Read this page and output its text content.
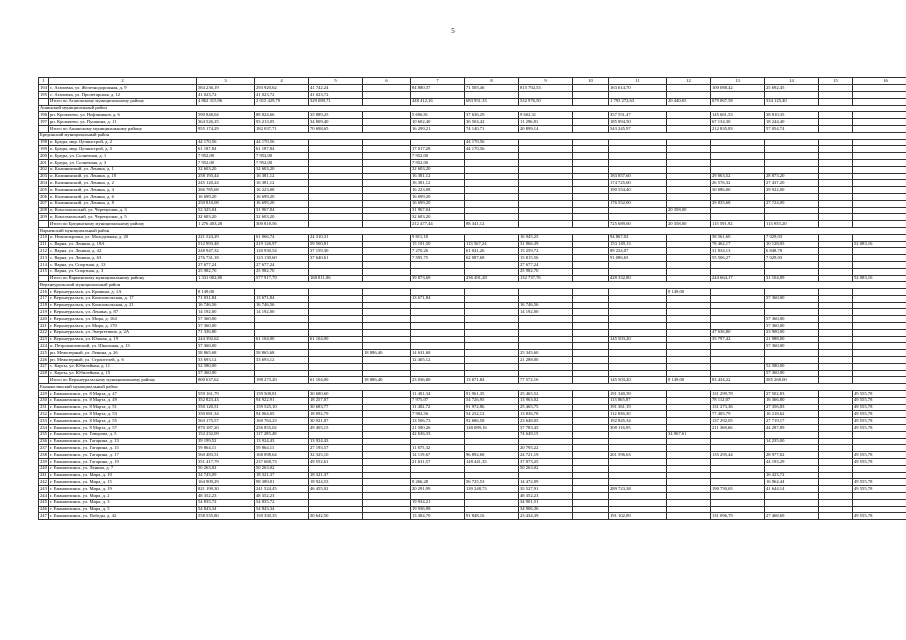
5
1	2	3	4	5	6	7	8	9	10	11	12	13	14	15	16
194	с. Агаповка, ул. Железнодорожная, д. 9	584 236,19	293 920,62	41 742,24		84 880,37	71 505,46	815 792,53		163 614,70		100 088,42	25 692,45		
195	с. Агаповка, ул. Пролетарская, д. 12	41 023,72	41 023,72	41 023,72											
	Итого по Агаповскому муниципальному району	4 862 315,96	2 015 429,70	329 089,71		448 412,16	683 951,33	532 976,50		1 793 272,63	20 440,65	679 067,58	334 125,40		
Ашинский муниципальный район															
196	рп. Кропачево, ул. Нефтяников, д. 6	590 848,04	88 824,66	35 889,25		5 696,81	37 636,29	9 602,31		357 551,47		145 661,53	38 810,35		
197	рп. Кропачево, ул. Пушкина, д. 11	364 526,25	93 213,05	34 809,40		10 602,40	36 504,42	11 296,81		185 894,50		67 134,30	18 244,40		
	Итого по Ашинскому муниципальному району	955 174,29	182 037,71	70 698,65		16 299,21	74 140,71	20 899,14		543 245,97		212 835,83	57 054,74		
Брединский муниципальный район															
198	п. Бреды, мкр. Целинстрой, д. 2	44 170,56	44 170,56				44 170,56								
199	п. Бреды, мкр. Целинстрой, д. 5	61 187,84	61 187,84			17 017,28	44 170,56								
200	п. Бреды, ул. Солнечная, д. 1	7 952,00	7 952,00			7 952,00									
201	п. Бреды, ул. Солнечная, д. 3	7 952,00	7 952,00			7 952,00									
202	п. Калининский, ул. Ленина, д. 1	32 603,20	32 603,20			32 603,20									
203	п. Калининский, ул. Ленина, д. 10	258 193,44	16 381,12			16 381,12				183 857,60		29 063,52	28 873,20		
204	п. Калининский, ул. Ленина, д. 2	245 120,24	16 381,12			16 381,12				174 725,60		26 576,32	27 437,20		
205	п. Калининский, ул. Ленина, д. 4	266 785,68	16 223,08			16 223,08				190 554,40		30 086,00	29 922,00		
206	п. Калининский, ул. Ленина, д. 6	16 699,20	16 699,20			16 699,20									
207	п. Калининский, ул. Ленина, д. 8	250 810,08	16 699,20			16 699,20				176 552,00		29 835,68	27 724,00		
208	п. Комсомольский, ул. Черемушки, д. 3	52 325,04	31 967,04			31 967,04					20 358,00				
209	п. Комсомольский, ул. Черемушки, д. 5	32 603,20	32 603,20			32 603,20									
	Итого по Брединскому муниципальному району	1 276 403,28	300 818,56			212 477,44	88 341,12			725 689,60	20 358,00	115 591,92	113 955,20		
Варненский муниципальный район															
210	п. Новопокровка, ул. Молодежная, д. 20	221 524,29	61 066,74	24 310,31		9 811,18		16 945,25		94 867,02		58 561,60	7 029,03		
211	с. Варна, ул. Ленина, д. 18А	512 993,48	219 126,97	59 500,81		15 191,50	113 567,24	31 066,39		153 149,13		78 462,17	10 128,05		52 083,16
212	с. Варна, ул. Ленина, д. 42	248 947,32	120 930,54	37 159,30		7 270,26	61 041,26	15 259,72		89 234,07		31 834,13	6 848,78		
213	с. Варна, ул. Ленина, д. 63	276 731,18	123 139,60	37 640,61		7 595,75	62 087,68	15 815,56		91 086,65		55 506,27	7 029,03		
214	с. Варна, ул. Спортная, д. 13	27 677,24	27 677,24					27 677,24							
215	с. Варна, ул. Спортная, д. 3	25 982,70	25 982,70					25 982,70							
	Итого по Варненскому муниципальному району	1 331 002,80	577 917,79	168 811,06		39 873,69	236 491,28	132 737,76		428 332,80		244 664,17	31 104,89		52 083,16
Верхнеуральский муниципальный район															
216	г. Верхнеуральск, ул. Кривина, д. 1А	8 149,00									8 149,00				
217	г. Верхнеуральск, ул. Комсомольская, д. 17	71 031,84	13 671,84			13 671,84							57 360,00		
218	г. Верхнеуральск, ул. Комсомольская, д. 21	16 746,56	16 746,56					16 746,56							
219	г. Верхнеуральск, ул. Ленина, д. 87	14 192,00	14 192,00					14 192,00							
220	г. Верхнеуральск, ул. Мира, д. 164	57 360,00											57 360,00		
221	г. Верхнеуральск, ул. Мира, д. 170	57 360,00											57 360,00		
222	г. Верхнеуральск, ул. Энергетиков, д. 2А	71 336,80										47 636,80	23 900,00		
223	г. Верхнеуральск, ул. Южная, д. 19	244 392,62	61 104,00	61 104,00						145 503,20		35 797,42	21 988,00		
224	п. Петропавловский, ул. Школьная, д. 13	57 360,00											57 360,00		
225	рп. Межозерный, ул. Ленина, д. 26	58 865,68	58 865,68		18 886,40	14 631,68		25 345,60							
226	рп. Межозерный, ул. Строителей, д. 6	33 693,12	33 693,12			12 405,12		21 288,00							
227	с. Карсы, ул. Юбилейная, д. 11	52 580,00											52 580,00		
228	с. Карсы, ул. Юбилейная, д. 15	57 360,00											57 360,00		
	Итого по Верхнеуральскому муниципальному району	800 637,62	198 273,20	61 104,00	18 886,40	23 036,80	13 671,84	77 572,16		145 503,20	8 149,00	83 434,22	385 268,00		
Еманжелинский муниципальный район															
229	г. Еманжелинск, ул. 8 Марта, д. 47	559 161,79	159 508,81	30 680,60		11 401,34	91 961,35	25 465,52		191 340,39		131 299,78	27 502,83		49 555,78
230	г. Еманжелинск, ул. 8 Марта, д. 49	352 823,43	94 922,91	18 257,87		7 975,07	54 726,95	13 963,02		113 865,87		78 112,07	16 366,80		49 555,78
231	г. Еманжелинск, ул. 8 Марта, д. 51	550 120,51	159 525,10	30 683,77		11 402,72	91 972,86	25 465,75		191 361,19		131 273,36	27 356,83		49 555,78
232	г. Еманжелинск, ул. 8 Марта, д. 53	350 081,34	94 064,05	18 092,79		7 902,56	54 232,12	13 836,78		112 836,30		77 405,79	16 218,62		49 555,78
233	г. Еманжелинск, ул. 8 Марта, д. 55	563 175,57	160 763,23	30 921,87		13 506,73	92 686,58	23 648,05		192 845,34		137 292,05	27 719,17		49 555,78
234	г. Еманжелинск, ул. 8 Марта, д. 57	870 187,20	256 855,02	49 405,15		21 580,26	148 089,16	37 783,45		308 116,95		211 368,66	44 287,89		49 555,78
235	г. Еманжелинск, ул. Говорова, д. 5	152 232,09	117 285,48			42 636,33		74 649,15			34 967,61				
236	г. Еманжелинск, ул. Гагарина, д. 13	39 199,52	13 924,43	13 924,43									14 235,00		
237	г. Еманжелинск, ул. Гагарина, д. 15	59 864,11	59 864,11	27 193,57		11 875,32		20 795,22							
238	г. Еманжелинск, ул. Гагарина, д. 17	560 483,51	168 098,64	32 325,10		14 119,67	96 892,68	24 721,19		201 596,63		135 295,44	28 977,02		49 555,78
239	г. Еманжелинск, ул. Гагарина, д. 19	351 417,79	237 668,73	49 552,61		21 631,57	148 441,35	37 873,25					44 193,29		49 555,78
240	г. Еманжелинск, ул. Ленина, д. 7	50 263,02	50 263,02					50 263,02							
241	г. Еманжелинск, ул. Мира, д. 10	34 743,09	18 321,37	18 321,37									16 423,72		
242	г. Еманжелинск, ул. Мира, д. 15	164 909,29	98 389,01	18 924,53		8 266,28	56 725,53	14 472,09					16 964,44		49 555,78
243	г. Еманжелинск, ул. Мира, д. 19	821 199,30	241 524,45	46 455,92		20 291,99	139 248,73	35 527,91		289 723,38		190 750,65	41 644,14		49 555,78
244	г. Еманжелинск, ул. Мира, д. 2	48 352,23	48 352,23					48 352,23							
245	г. Еманжелинск, ул. Мира, д. 3	54 835,72	54 835,72			19 934,21		34 901,51							
246	г. Еманжелинск, ул. Мира, д. 5	54 843,34	54 843,34			19 936,98		34 906,36							
247	г. Еманжелинск, ул. Победы, д. 42	558 535,80	150 330,35	30 642,50		13 384,70	91 848,16	23 434,39		191 102,89		131 096,79	27 468,69		49 555,78
